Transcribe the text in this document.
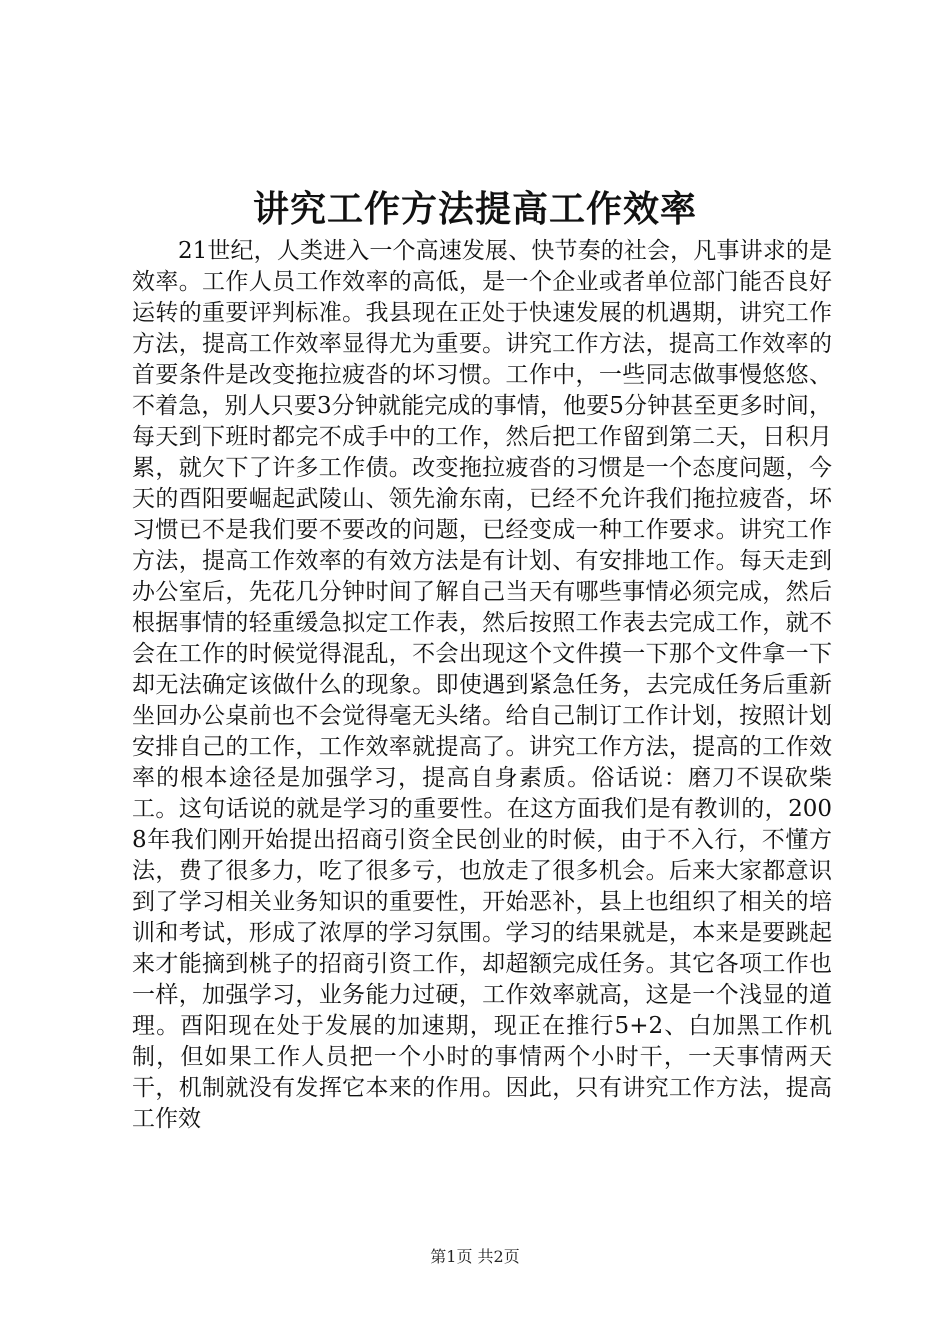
讲究工作方法提高工作效率

21世纪，人类进入一个高速发展、快节奏的社会，凡事讲求的是效率。工作人员工作效率的高低，是一个企业或者单位部门能否良好运转的重要评判标准。我县现在正处于快速发展的机遇期，讲究工作方法，提高工作效率显得尤为重要。讲究工作方法，提高工作效率的首要条件是改变拖拉疲沓的坏习惯。工作中，一些同志做事慢悠悠、不着急，别人只要3分钟就能完成的事情，他要5分钟甚至更多时间，每天到下班时都完不成手中的工作，然后把工作留到第二天，日积月累，就欠下了许多工作债。改变拖拉疲沓的习惯是一个态度问题，今天的酉阳要崛起武陵山、领先渝东南，已经不允许我们拖拉疲沓，坏习惯已不是我们要不要改的问题，已经变成一种工作要求。讲究工作方法，提高工作效率的有效方法是有计划、有安排地工作。每天走到办公室后，先花几分钟时间了解自己当天有哪些事情必须完成，然后根据事情的轻重缓急拟定工作表，然后按照工作表去完成工作，就不会在工作的时候觉得混乱，不会出现这个文件摸一下那个文件拿一下却无法确定该做什么的现象。即使遇到紧急任务，去完成任务后重新坐回办公桌前也不会觉得毫无头绪。给自己制订工作计划，按照计划安排自己的工作，工作效率就提高了。讲究工作方法，提高的工作效率的根本途径是加强学习，提高自身素质。俗话说：磨刀不误砍柴工。这句话说的就是学习的重要性。在这方面我们是有教训的，2008年我们刚开始提出招商引资全民创业的时候，由于不入行，不懂方法，费了很多力，吃了很多亏，也放走了很多机会。后来大家都意识到了学习相关业务知识的重要性，开始恶补，县上也组织了相关的培训和考试，形成了浓厚的学习氛围。学习的结果就是，本来是要跳起来才能摘到桃子的招商引资工作，却超额完成任务。其它各项工作也一样，加强学习，业务能力过硬，工作效率就高，这是一个浅显的道理。酉阳现在处于发展的加速期，现正在推行5+2、白加黑工作机制，但如果工作人员把一个小时的事情两个小时干，一天事情两天干，机制就没有发挥它本来的作用。因此，只有讲究工作方法，提高工作效

第1页 共2页
